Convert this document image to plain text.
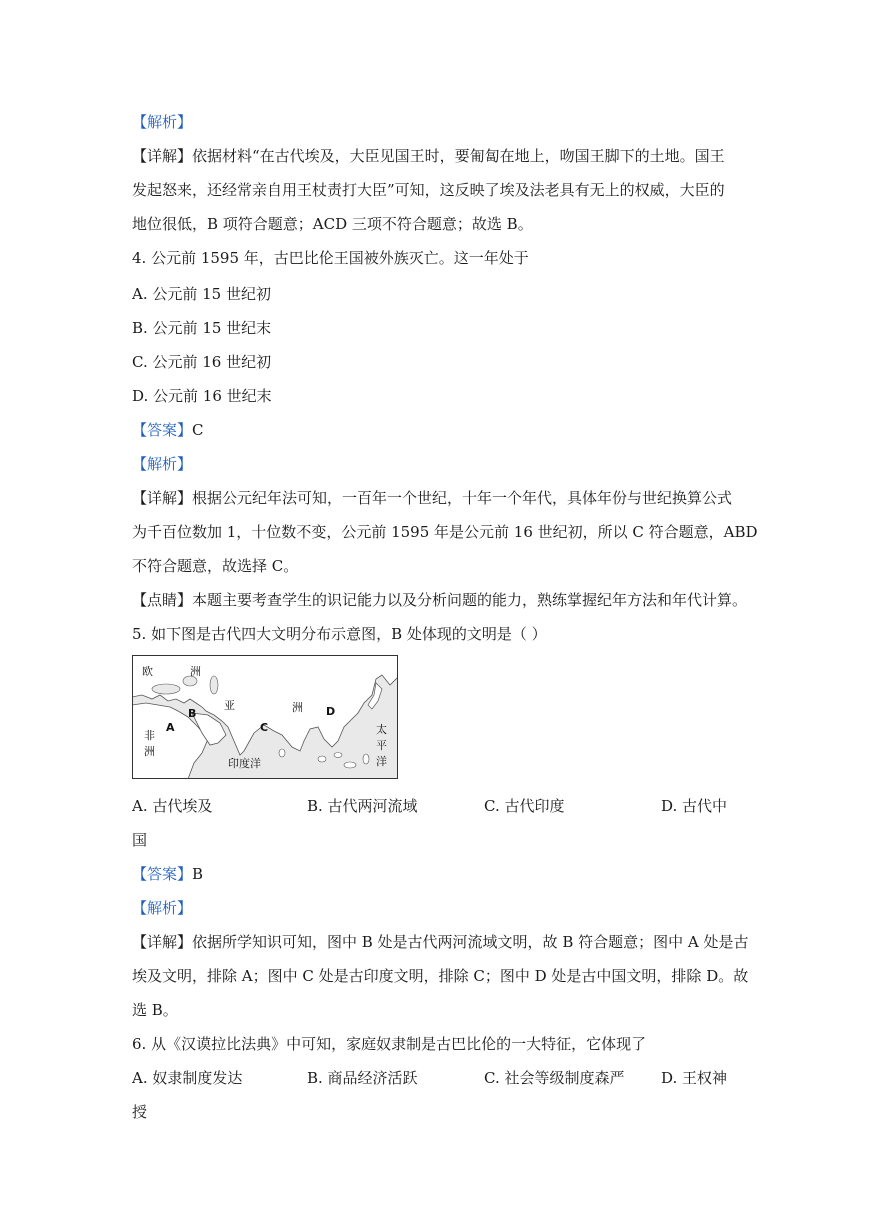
【解析】
【详解】依据材料“在古代埃及，大臣见国王时，要匍匐在地上，吻国王脚下的土地。国王
发起怒来，还经常亲自用王杖责打大臣”可知，这反映了埃及法老具有无上的权威，大臣的
地位很低，B 项符合题意；ACD 三项不符合题意；故选 B。
4. 公元前 1595 年，古巴比伦王国被外族灭亡。这一年处于
A. 公元前 15 世纪初
B. 公元前 15 世纪末
C. 公元前 16 世纪初
D. 公元前 16 世纪末
【答案】C
【解析】
【详解】根据公元纪年法可知，一百年一个世纪，十年一个年代，具体年份与世纪换算公式
为千百位数加 1，十位数不变，公元前 1595 年是公元前 16 世纪初，所以 C 符合题意，ABD
不符合题意，故选择 C。
【点睛】本题主要考查学生的识记能力以及分析问题的能力，熟练掌握纪年方法和年代计算。
5. 如下图是古代四大文明分布示意图，B 处体现的文明是（ ）
欧	洲
亚	洲
非
洲
印度洋
太
平
洋
A
B
C
D
A. 古代埃及	B. 古代两河流域	C. 古代印度	D. 古代中
国
【答案】B
【解析】
【详解】依据所学知识可知，图中 B 处是古代两河流域文明，故 B 符合题意；图中 A 处是古
埃及文明，排除 A；图中 C 处是古印度文明，排除 C；图中 D 处是古中国文明，排除 D。故
选 B。
6. 从《汉谟拉比法典》中可知，家庭奴隶制是古巴比伦的一大特征，它体现了
A. 奴隶制度发达	B. 商品经济活跃	C. 社会等级制度森严 D. 王权神
授
